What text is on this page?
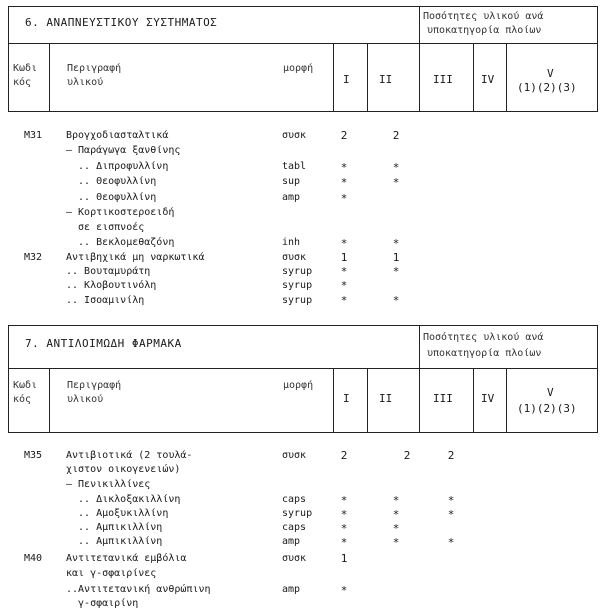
6. ΑΝΑΠΝΕΥΣΤΙΚΟΥ ΣΥΣΤΗΜΑΤΟΣ	Ποσότητες υλικού ανά
υποκατηγορία πλοίων
Κωδι
κός
Περιγραφή
υλικού
μορφή
I	II	III	IV	V
(1)(2)(3)
M31 Βρογχοδιασταλτικά	συσκ	2	2
– Παράγωγα ξανθίνης
.. Διπροφυλλίνη	tabl	*	*
.. Θεοφυλλίνη	sup	*	*
.. Θεοφυλλίνη	amp	*
– Κορτικοστεροειδή
σε εισπνοές
.. Βεκλομεθαζόνη	inh	*	*
M32 Αντιβηχικά μη ναρκωτικά	συσκ	1	1
.. Βουταμυράτη	syrup	*	*
.. Κλοβουτινόλη	syrup	*
.. Ισοαμινίλη	syrup	*	*
7. ΑΝΤΙΛΟΙΜΩΔΗ ΦΑΡΜΑΚΑ	Ποσότητες υλικού ανά
υποκατηγορία πλοίων
Κωδι
κός
Περιγραφή
υλικού
μορφή
I	II	III	IV	V
(1)(2)(3)
M35 Αντιβιοτικά (2 τουλά-	συσκ	2	2	2
χιστον οικογενειών)
– Πενικιλλίνες
.. Δικλοξακιλλίνη	caps	*	*	*
.. Αμοξυκιλλίνη	syrup	*	*	*
.. Αμπικιλλίνη	caps	*	*
.. Αμπικιλλίνη	amp	*	*	*
M40 Αντιτετανικά εμβόλια	συσκ	1
και γ-σφαιρίνες
..Αντιτετανική ανθρώπινη	amp	*
γ-σφαιρίνη
